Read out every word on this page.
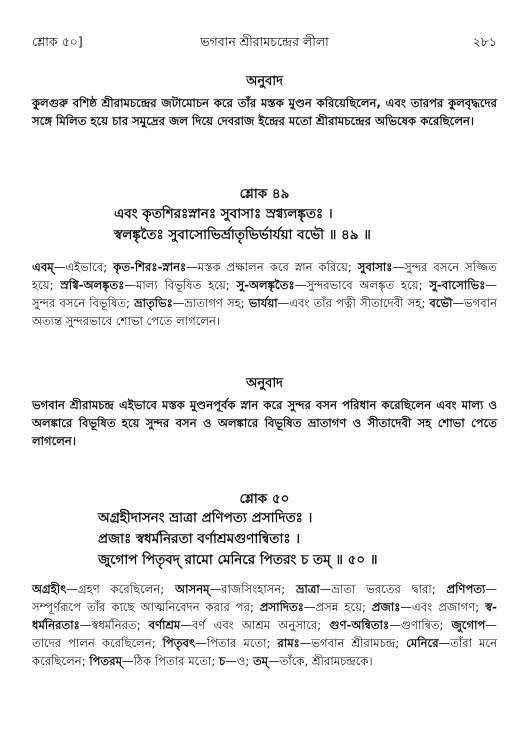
শ্লোক ৫০]	ভগবান শ্রীরামচন্দ্রের লীলা	২৮১
অনুবাদ

কুলগুরু বশিষ্ঠ শ্রীরামচন্দ্রের জটামোচন করে তাঁর মস্তক মুণ্ডন করিয়েছিলেন, এবং তারপর কুলবৃদ্ধদের সঙ্গে মিলিত হয়ে চার সমুদ্রের জল দিয়ে দেবরাজ ইন্দ্রের মতো শ্রীরামচন্দ্রের অভিষেক করেছিলেন।

শ্লোক ৪৯
এবং কৃতশিরঃস্নানঃ সুবাসাঃ স্রগ্ব্যলঙ্কৃতঃ ।
স্বলঙ্কৃতৈঃ সুবাসোভির্ভ্রাতৃভির্ভার্যয়া বভৌ ॥ ৪৯ ॥

এবম্—এইভাবে; কৃত-শিরঃ-স্নানঃ—মস্তক প্রক্ষালন করে স্নান করিয়ে; সুবাসাঃ—সুন্দর বসনে সজ্জিত হয়ে; স্রগ্বি-অলঙ্কৃতঃ—মাল্য বিভূষিত হয়ে; সু-অলঙ্কৃতৈঃ—সুন্দরভাবে অলঙ্কৃত হয়ে; সু-বাসোভিঃ—সুন্দর বসনে বিভূষিত; ভ্রাতৃভিঃ—ভ্রাতাগণ সহ; ভার্যয়া—এবং তাঁর পত্নী সীতাদেবী সহ; বভৌ—ভগবান অত্যন্ত সুন্দরভাবে শোভা পেতে লাগলেন।

অনুবাদ

ভগবান শ্রীরামচন্দ্র এইভাবে মস্তক মুণ্ডনপূর্বক স্নান করে সুন্দর বসন পরিধান করেছিলেন এবং মাল্য ও অলঙ্কারে বিভূষিত হয়ে সুন্দর বসন ও অলঙ্কারে বিভূষিত ভ্রাতাগণ ও সীতাদেবী সহ শোভা পেতে লাগলেন।

শ্লোক ৫০
অগ্রহীদাসনং ভ্রাত্রা প্রণিপত্য প্রসাদিতঃ ।
প্রজাঃ স্বধর্মনিরতা বর্ণাশ্রমগুণান্বিতাঃ ।
জুগোপ পিতৃবদ্ রামো মেনিরে পিতরং চ তম্ ॥ ৫০ ॥

অগ্রহীৎ—গ্রহণ করেছিলেন; আসনম্—রাজসিংহাসন; ভ্রাত্রা—ভ্রাতা ভরতের দ্বারা; প্রণিপত্য—সম্পূর্ণরূপে তাঁর কাছে আত্মনিবেদন করার পর; প্রসাদিতঃ—প্রসন্ন হয়ে; প্রজাঃ—এবং প্রজাগণ; স্ব-ধর্মনিরতাঃ—স্বধর্মনিরত; বর্ণাশ্রম—বর্ণ এবং আশ্রম অনুসারে; গুণ-অন্বিতাঃ—গুণান্বিত; জুগোপ—তাদের পালন করেছিলেন; পিতৃবৎ—পিতার মতো; রামঃ—ভগবান শ্রীরামচন্দ্র; মেনিরে—তাঁরা মনে করেছিলেন; পিতরম্—ঠিক পিতার মতো; চ—ও; তম্—তাঁকে, শ্রীরামচন্দ্রকে।
